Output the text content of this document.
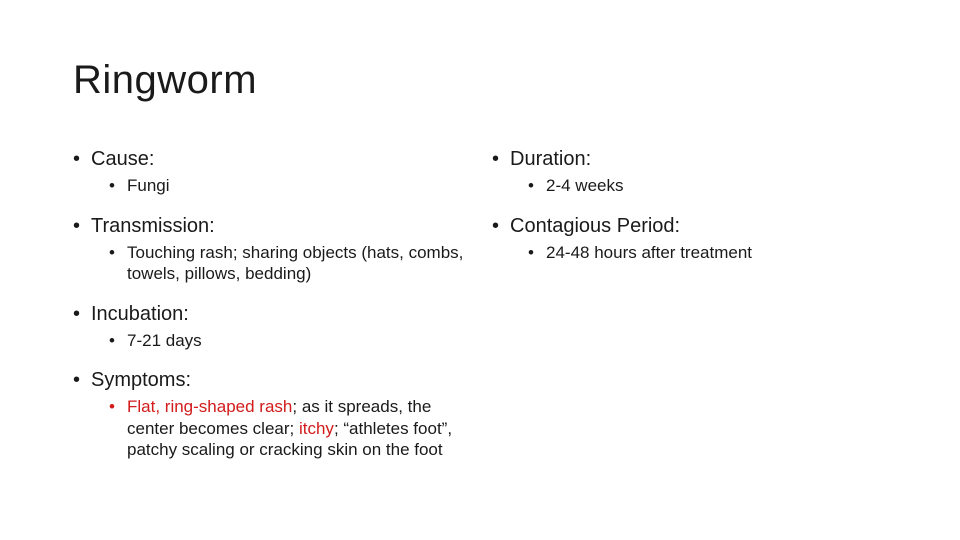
Ringworm
• Cause:
• Fungi
• Transmission:
• Touching rash; sharing objects (hats, combs, towels, pillows, bedding)
• Incubation:
• 7-21 days
• Symptoms:
• Flat, ring-shaped rash; as it spreads, the center becomes clear; itchy; “athletes foot”, patchy scaling or cracking skin on the foot
• Duration:
• 2-4 weeks
• Contagious Period:
• 24-48 hours after treatment
